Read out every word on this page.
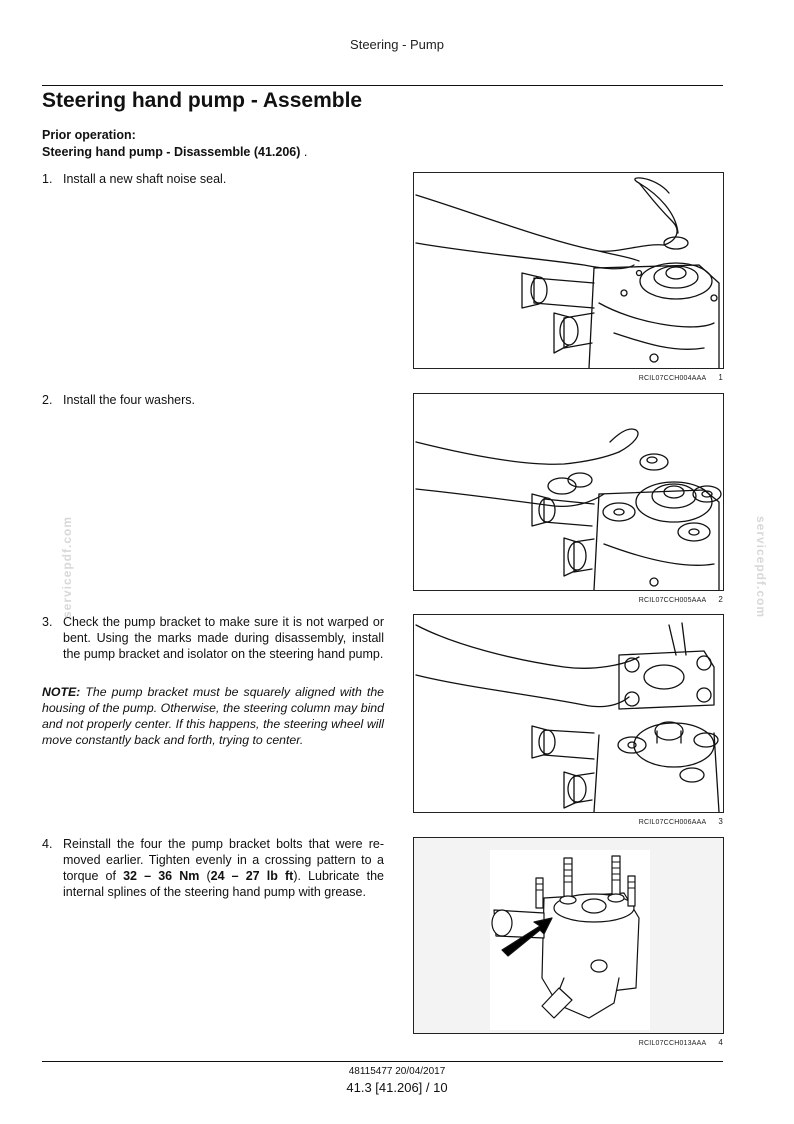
Steering - Pump
Steering hand pump - Assemble
Prior operation:
Steering hand pump - Disassemble (41.206) .
1. Install a new shaft noise seal.
2. Install the four washers.
3. Check the pump bracket to make sure it is not warped or bent. Using the marks made during disassembly, install the pump bracket and isolator on the steering hand pump.
NOTE: The pump bracket must be squarely aligned with the housing of the pump. Otherwise, the steering column may bind and not properly center. If this happens, the steering wheel will move constantly back and forth, trying to center.
4. Reinstall the four the pump bracket bolts that were re-moved earlier. Tighten evenly in a crossing pattern to a torque of 32 – 36 Nm (24 – 27 lb ft). Lubricate the internal splines of the steering hand pump with grease.
RCIL07CCH004AAA 1
RCIL07CCH005AAA 2
RCIL07CCH006AAA 3
RCIL07CCH013AAA 4
servicepdf.com	servicepdf.com
48115477 20/04/2017
41.3 [41.206] / 10
